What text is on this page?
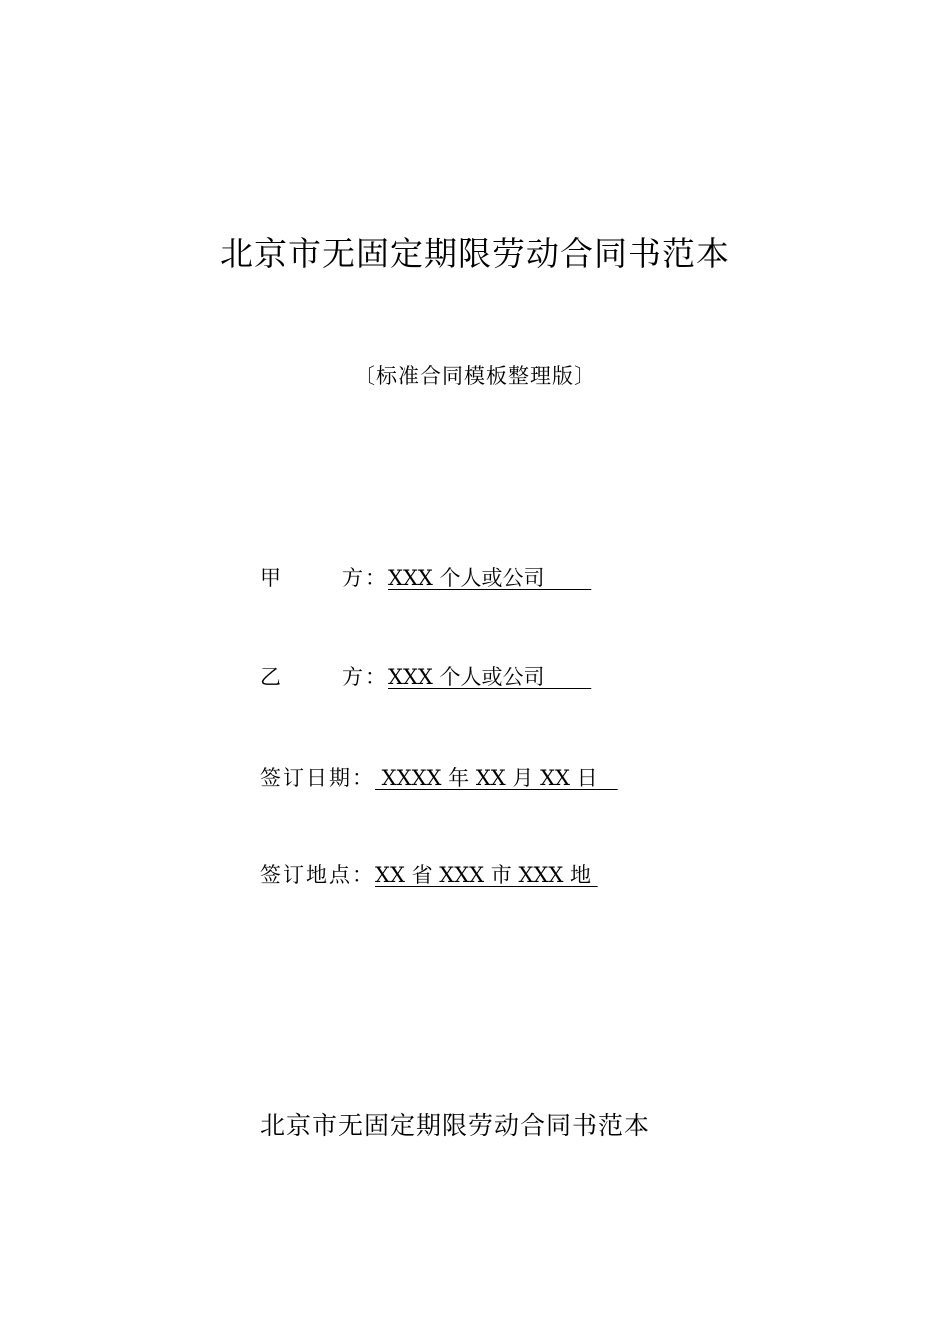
北京市无固定期限劳动合同书范本
〔标准合同模板整理版〕
甲	方： XXX 个人或公司
乙	方： XXX 个人或公司
签订日期： XXXX 年 XX 月 XX 日
签订地点： XX 省 XXX 市 XXX 地
北京市无固定期限劳动合同书范本
